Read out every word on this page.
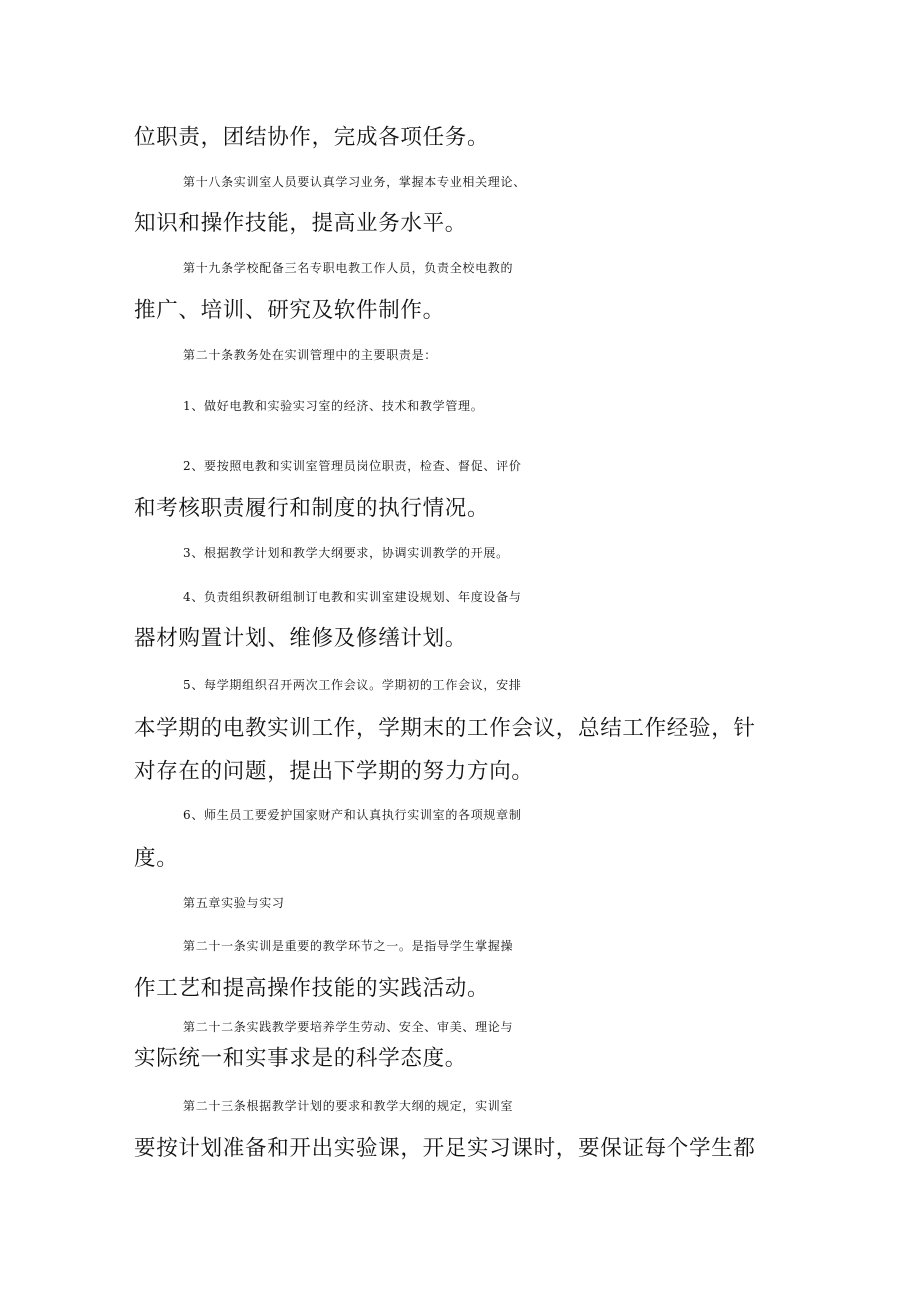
位职责，团结协作，完成各项任务。

第十八条实训室人员要认真学习业务，掌握本专业相关理论、

知识和操作技能，提高业务水平。

第十九条学校配备三名专职电教工作人员，负责全校电教的

推广、培训、研究及软件制作。

第二十条教务处在实训管理中的主要职责是：

1、做好电教和实验实习室的经济、技术和教学管理。

2、要按照电教和实训室管理员岗位职责，检查、督促、评价

和考核职责履行和制度的执行情况。

3、根据教学计划和教学大纲要求，协调实训教学的开展。

4、负责组织教研组制订电教和实训室建设规划、年度设备与

器材购置计划、维修及修缮计划。

5、每学期组织召开两次工作会议。学期初的工作会议，安排

本学期的电教实训工作，学期末的工作会议，总结工作经验，针

对存在的问题，提出下学期的努力方向。

6、师生员工要爱护国家财产和认真执行实训室的各项规章制

度。

第五章实验与实习

第二十一条实训是重要的教学环节之一。是指导学生掌握操

作工艺和提高操作技能的实践活动。

第二十二条实践教学要培养学生劳动、安全、审美、理论与

实际统一和实事求是的科学态度。

第二十三条根据教学计划的要求和教学大纲的规定，实训室

要按计划准备和开出实验课，开足实习课时，要保证每个学生都
